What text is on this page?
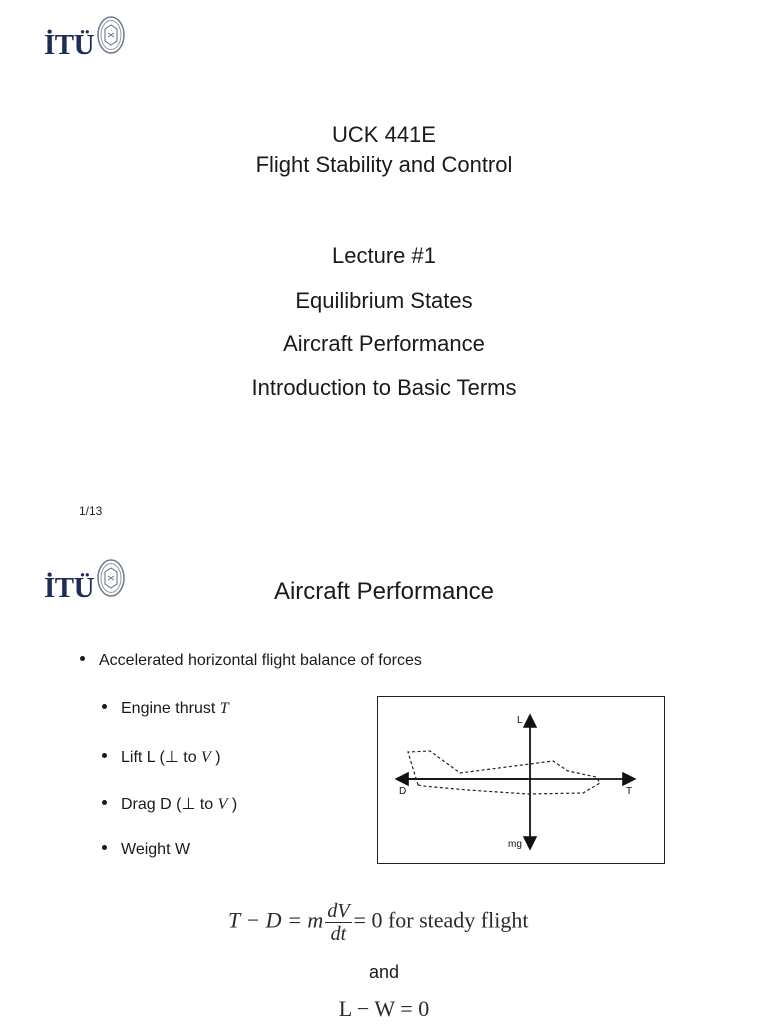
İTÜ
UCK 441E
Flight Stability and Control
Lecture #1
Equilibrium States
Aircraft Performance
Introduction to Basic Terms
1/13
İTÜ	Aircraft Performance
Accelerated horizontal flight balance of forces
Engine thrust T
Lift L (⊥ to V )
Drag D (⊥ to V )
Weight W
L
D	T
mg
T − D = m $\frac{dV}{dt} = 0$ for steady flight
and
L − W = 0
